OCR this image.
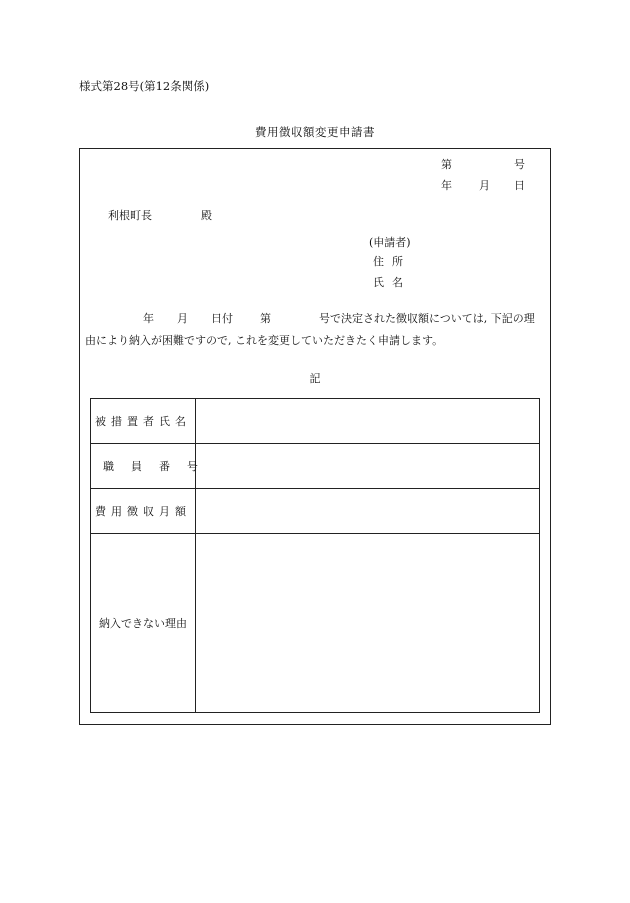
様式第28号(第12条関係)
費用徴収額変更申請書
第	号
年 月 日
利根町長	殿
(申請者)
住所
氏名
年 月 日付 第	号で決定された徴収額については, 下記の理
由により納入が困難ですので, これを変更していただきたく申請します。
記
被措置者氏名	
職員番号	
費用徴収月額	
納入できない理由	
